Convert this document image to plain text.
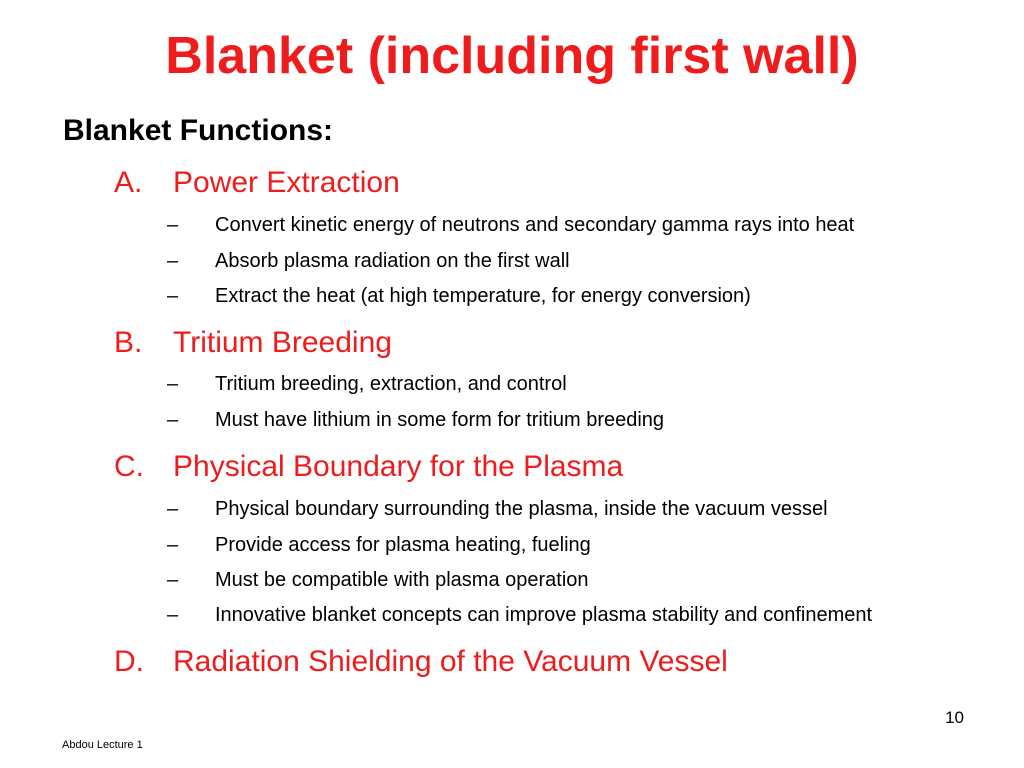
Blanket (including first wall)
Blanket Functions:
A. Power Extraction
– Convert kinetic energy of neutrons and secondary gamma rays into heat
– Absorb plasma radiation on the first wall
– Extract the heat (at high temperature, for energy conversion)
B. Tritium Breeding
– Tritium breeding, extraction, and control
– Must have lithium in some form for tritium breeding
C. Physical Boundary for the Plasma
– Physical boundary surrounding the plasma, inside the vacuum vessel
– Provide access for plasma heating, fueling
– Must be compatible with plasma operation
– Innovative blanket concepts can improve plasma stability and confinement
D. Radiation Shielding of the Vacuum Vessel
10
Abdou Lecture 1
